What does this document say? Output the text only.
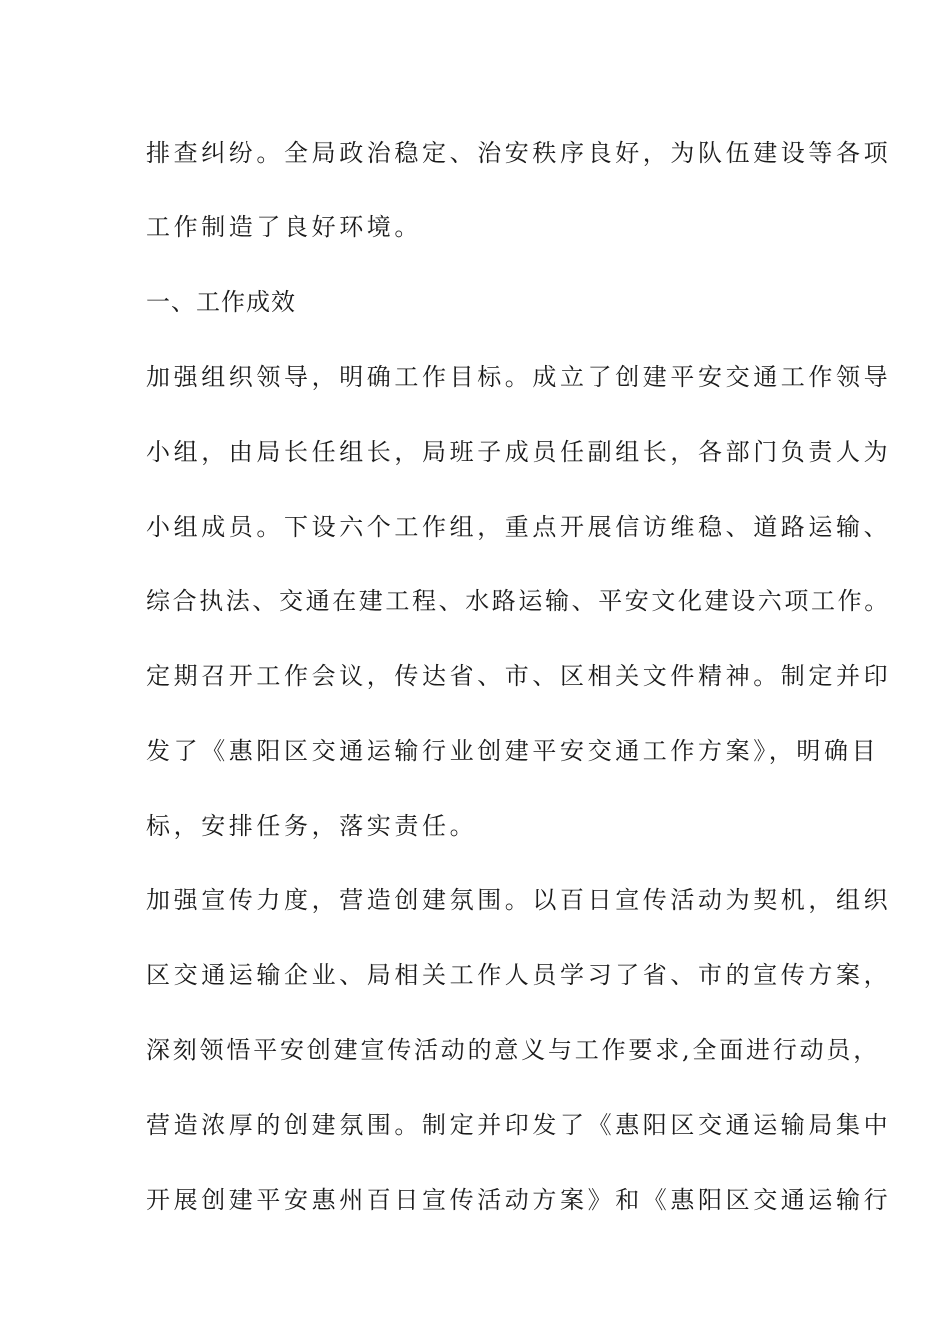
排查纠纷。全局政治稳定、治安秩序良好，为队伍建设等各项
工作制造了良好环境。
一、工作成效
加强组织领导，明确工作目标。成立了创建平安交通工作领导
小组，由局长任组长，局班子成员任副组长，各部门负责人为
小组成员。下设六个工作组，重点开展信访维稳、道路运输、
综合执法、交通在建工程、水路运输、平安文化建设六项工作。
定期召开工作会议，传达省、市、区相关文件精神。制定并印
发了《惠阳区交通运输行业创建平安交通工作方案》，明确目
标，安排任务，落实责任。
加强宣传力度，营造创建氛围。以百日宣传活动为契机，组织
区交通运输企业、局相关工作人员学习了省、市的宣传方案，
深刻领悟平安创建宣传活动的意义与工作要求,全面进行动员，
营造浓厚的创建氛围。制定并印发了《惠阳区交通运输局集中
开展创建平安惠州百日宣传活动方案》和《惠阳区交通运输行
